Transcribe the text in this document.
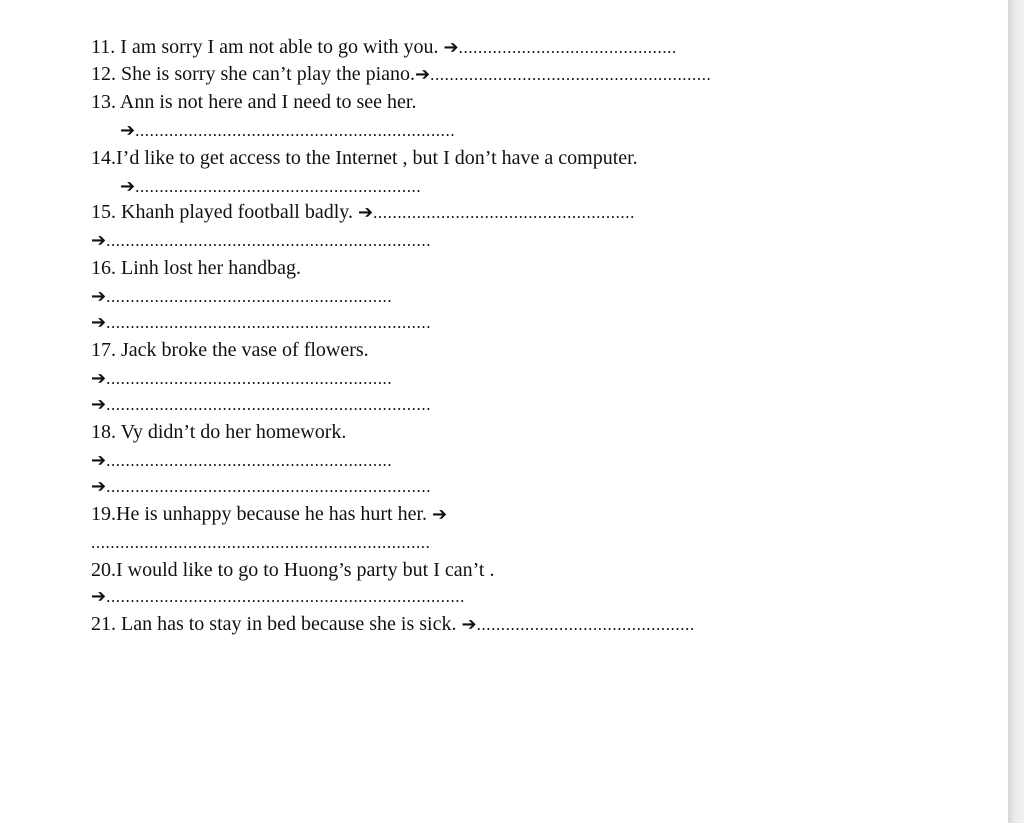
11. I am sorry I am not able to go with you. ➔.............................................
12. She is sorry she can’t play the piano.➔..........................................................
13. Ann is not here and I need to see her.
➔..................................................................
14.I’d like to get access to the Internet , but I don’t have a computer.
➔...........................................................
15. Khanh played football badly. ➔......................................................
➔...................................................................
16. Linh lost her handbag.
➔...........................................................
➔...................................................................
17. Jack broke the vase of flowers.
➔...........................................................
➔...................................................................
18. Vy didn’t do her homework.
➔...........................................................
➔...................................................................
19.He is unhappy because he has hurt her. ➔
......................................................................
20.I would like to go to Huong’s party but I can’t .
➔..........................................................................
21. Lan has to stay in bed because she is sick. ➔.............................................
